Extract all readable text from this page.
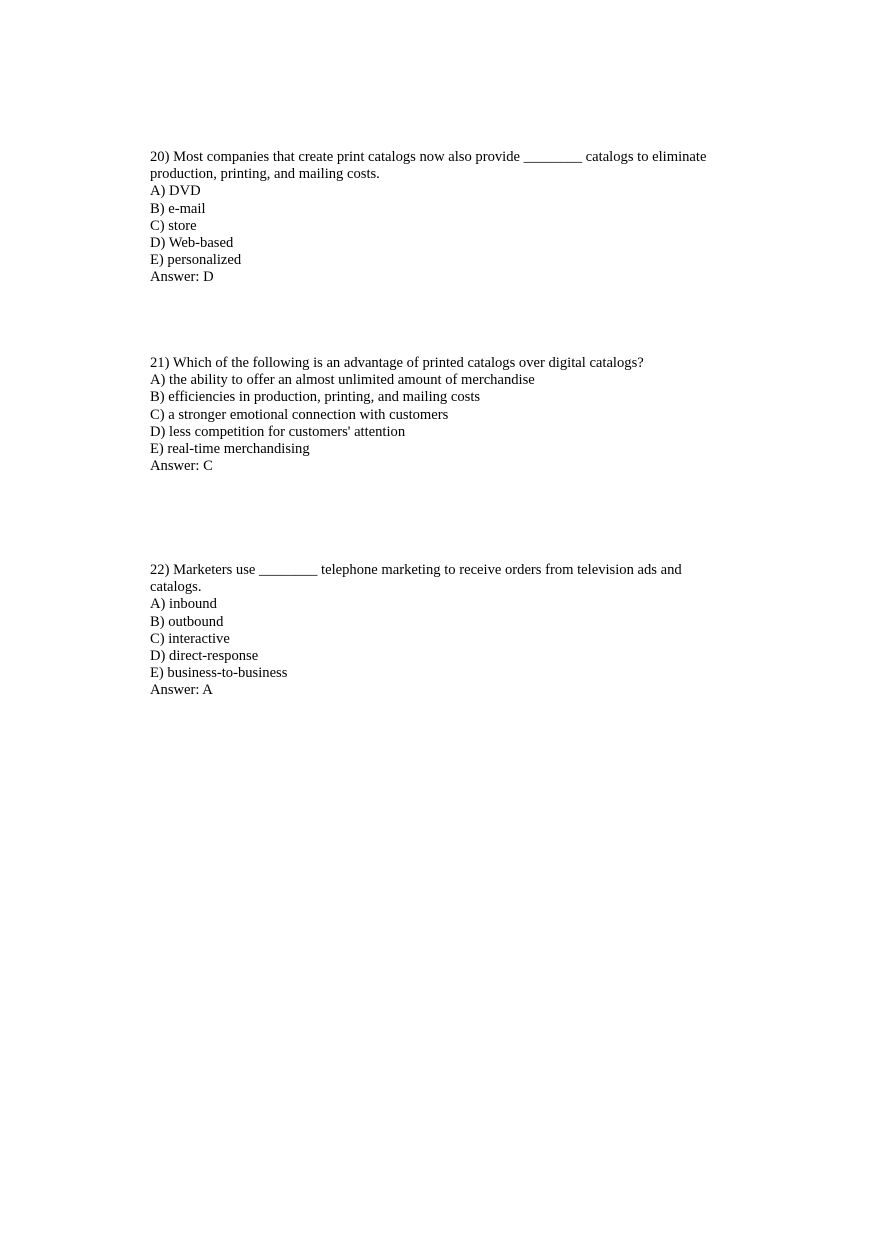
20) Most companies that create print catalogs now also provide ________ catalogs to eliminate
production, printing, and mailing costs.
A) DVD
B) e-mail
C) store
D) Web-based
E) personalized
Answer: D
21) Which of the following is an advantage of printed catalogs over digital catalogs?
A) the ability to offer an almost unlimited amount of merchandise
B) efficiencies in production, printing, and mailing costs
C) a stronger emotional connection with customers
D) less competition for customers' attention
E) real-time merchandising
Answer: C
22) Marketers use ________ telephone marketing to receive orders from television ads and
catalogs.
A) inbound
B) outbound
C) interactive
D) direct-response
E) business-to-business
Answer: A
